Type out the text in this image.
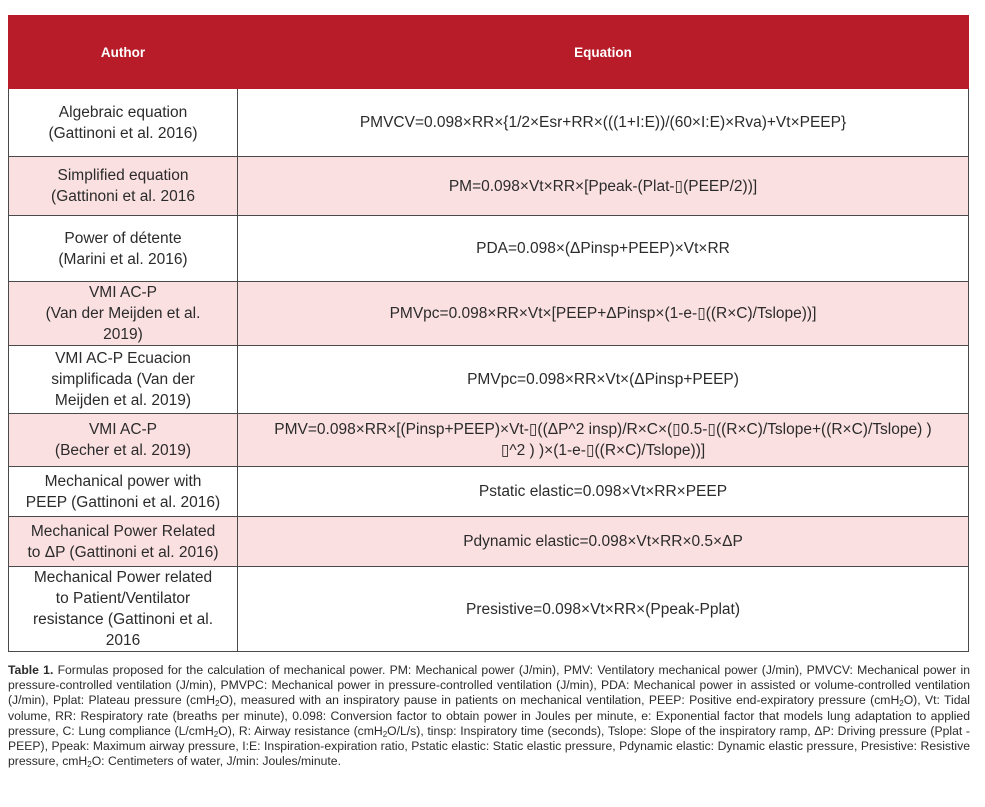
Author	Equation
Algebraic equation
(Gattinoni et al. 2016)	PMVCV=0.098×RR×{1/2×Esr+RR×(((1+I:E))/(60×I:E)×Rva)+Vt×PEEP}
Simplified equation
(Gattinoni et al. 2016	PM=0.098×Vt×RR×[Ppeak-(Plat-▯(PEEP/2))]
Power of détente
(Marini et al. 2016)	PDA=0.098×(ΔPinsp+PEEP)×Vt×RR
VMI AC-P
(Van der Meijden et al.
2019)	PMVpc=0.098×RR×Vt×[PEEP+ΔPinsp×(1-e-▯((R×C)/Tslope))]
VMI AC-P Ecuacion
simplificada (Van der
Meijden et al. 2019)	PMVpc=0.098×RR×Vt×(ΔPinsp+PEEP)
VMI AC-P
(Becher et al. 2019)	PMV=0.098×RR×[(Pinsp+PEEP)×Vt-▯((ΔP^2 insp)/R×C×(▯0.5-▯((R×C)/Tslope+((R×C)/Tslope) )
▯^2 ) )×(1-e-▯((R×C)/Tslope))]
Mechanical power with
PEEP (Gattinoni et al. 2016)	Pstatic elastic=0.098×Vt×RR×PEEP
Mechanical Power Related
to ΔP (Gattinoni et al. 2016)	Pdynamic elastic=0.098×Vt×RR×0.5×ΔP
Mechanical Power related
to Patient/Ventilator
resistance (Gattinoni et al.
2016	Presistive=0.098×Vt×RR×(Ppeak-Pplat)
Table 1. Formulas proposed for the calculation of mechanical power. PM: Mechanical power (J/min), PMV: Ventilatory mechanical power (J/min), PMVCV: Mechanical power in pressure-controlled ventilation (J/min), PMVPC: Mechanical power in pressure-controlled ventilation (J/min), PDA: Mechanical power in assisted or volume-controlled ventilation (J/min), Pplat: Plateau pressure (cmH$_2$O), measured with an inspiratory pause in patients on mechanical ventilation, PEEP: Positive end-expiratory pressure (cmH$_2$O), Vt: Tidal volume, RR: Respiratory rate (breaths per minute), 0.098: Conversion factor to obtain power in Joules per minute, e: Exponential factor that models lung adaptation to applied pressure, C: Lung compliance (L/cmH$_2$O), R: Airway resistance (cmH$_2$O/L/s), tinsp: Inspiratory time (seconds), Tslope: Slope of the inspiratory ramp, ΔP: Driving pressure (Pplat - PEEP), Ppeak: Maximum airway pressure, I:E: Inspiration-expiration ratio, Pstatic elastic: Static elastic pressure, Pdynamic elastic: Dynamic elastic pressure, Presistive: Resistive pressure, cmH$_2$O: Centimeters of water, J/min: Joules/minute.
